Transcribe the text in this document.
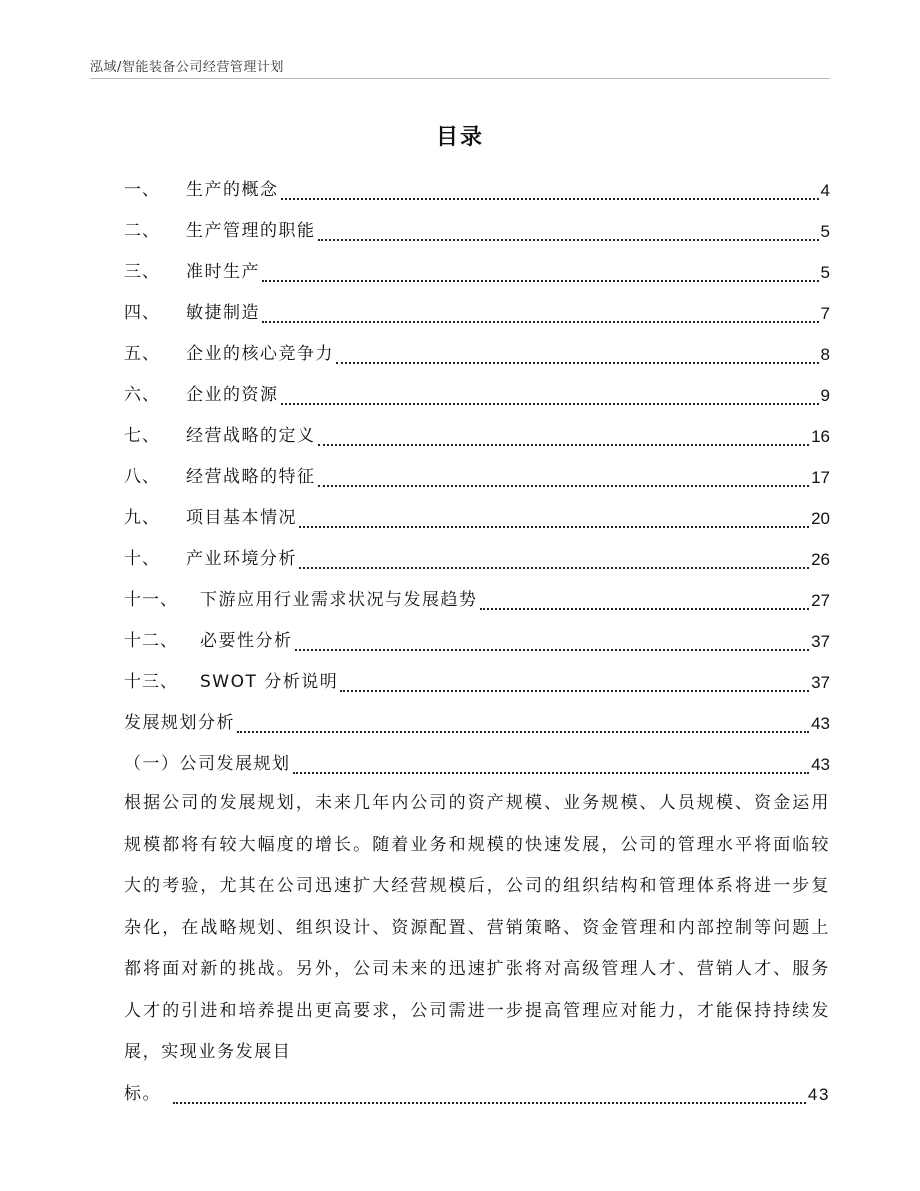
泓域/智能装备公司经营管理计划
目录
一、 生产的概念	4
二、 生产管理的职能	5
三、 准时生产	5
四、 敏捷制造	7
五、 企业的核心竞争力	8
六、 企业的资源	9
七、 经营战略的定义	16
八、 经营战略的特征	17
九、 项目基本情况	20
十、 产业环境分析	26
十一、 下游应用行业需求状况与发展趋势	27
十二、 必要性分析	37
十三、 SWOT 分析说明	37
发展规划分析	43
（一）公司发展规划	43
根据公司的发展规划，未来几年内公司的资产规模、业务规模、人员规模、资金运用规模都将有较大幅度的增长。随着业务和规模的快速发展，公司的管理水平将面临较大的考验，尤其在公司迅速扩大经营规模后，公司的组织结构和管理体系将进一步复杂化，在战略规划、组织设计、资源配置、营销策略、资金管理和内部控制等问题上都将面对新的挑战。另外，公司未来的迅速扩张将对高级管理人才、营销人才、服务人才的引进和培养提出更高要求，公司需进一步提高管理应对能力，才能保持持续发展，实现业务发展目
标。	43
